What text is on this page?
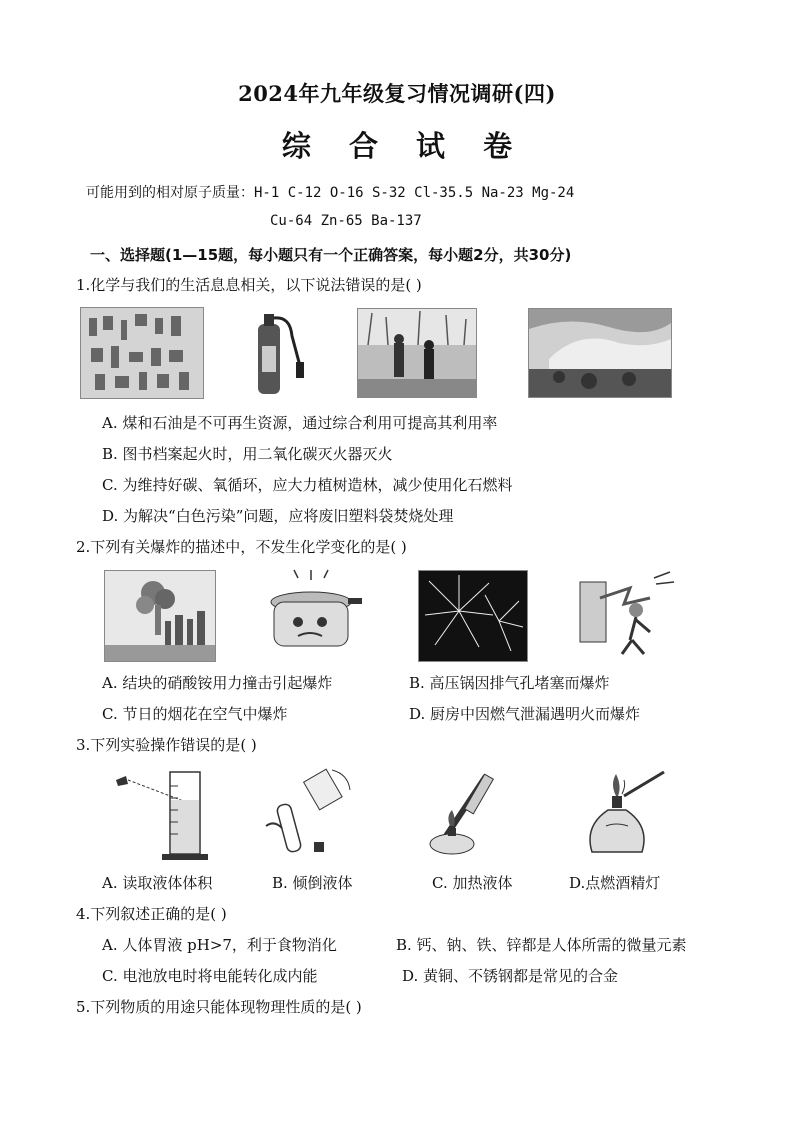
2024年九年级复习情况调研(四)
综 合 试 卷
可能用到的相对原子质量：H-1 C-12 O-16 S-32 Cl-35.5 Na-23 Mg-24
Cu-64 Zn-65 Ba-137
一、选择题(1—15题，每小题只有一个正确答案，每小题2分，共30分)
1.化学与我们的生活息息相关，以下说法错误的是( )
A. 煤和石油是不可再生资源，通过综合利用可提高其利用率
B. 图书档案起火时，用二氧化碳灭火器灭火
C. 为维持好碳、氧循环，应大力植树造林，减少使用化石燃料
D. 为解决“白色污染”问题，应将废旧塑料袋焚烧处理
2.下列有关爆炸的描述中，不发生化学变化的是( )
A. 结块的硝酸铵用力撞击引起爆炸	B. 高压锅因排气孔堵塞而爆炸
C. 节日的烟花在空气中爆炸	D. 厨房中因燃气泄漏遇明火而爆炸
3.下列实验操作错误的是( )
A. 读取液体体积	B. 倾倒液体	C. 加热液体	D.点燃酒精灯
4.下列叙述正确的是( )
A. 人体胃液 pH>7，利于食物消化	B. 钙、钠、铁、锌都是人体所需的微量元素
C. 电池放电时将电能转化成内能	D. 黄铜、不锈钢都是常见的合金
5.下列物质的用途只能体现物理性质的是( )
